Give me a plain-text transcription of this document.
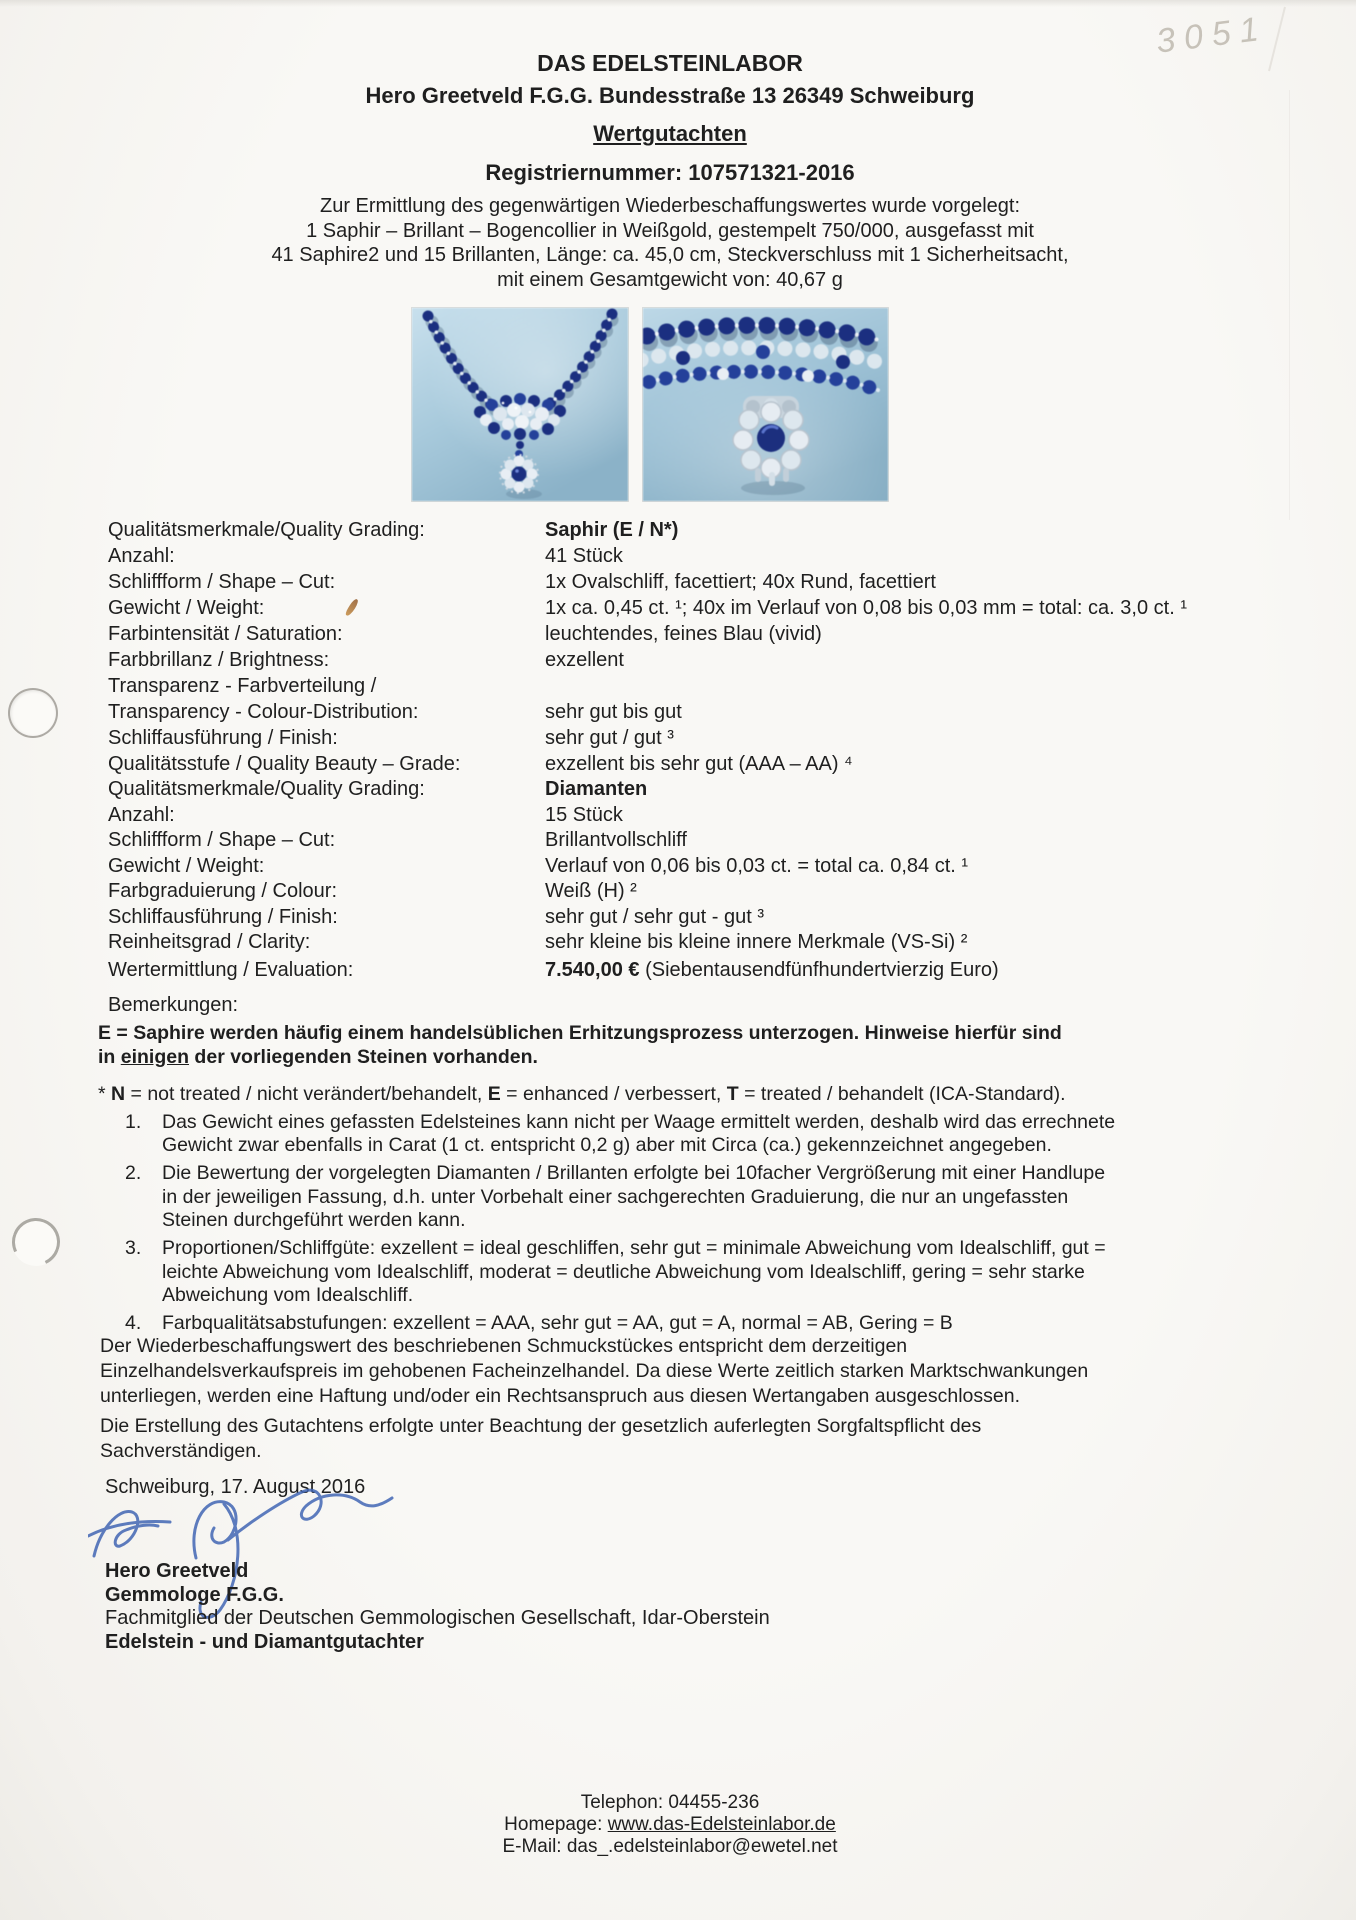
3051
DAS EDELSTEINLABOR
Hero Greetveld F.G.G. Bundesstraße 13 26349 Schweiburg
Wertgutachten
Registriernummer: 107571321-2016
Zur Ermittlung des gegenwärtigen Wiederbeschaffungswertes wurde vorgelegt:
1 Saphir – Brillant – Bogencollier in Weißgold, gestempelt 750/000, ausgefasst mit
41 Saphire2 und 15 Brillanten, Länge: ca. 45,0 cm, Steckverschluss mit 1 Sicherheitsacht,
mit einem Gesamtgewicht von: 40,67 g
Qualitätsmerkmale/Quality Grading:	Saphir (E / N*)
Anzahl:	41 Stück
Schliffform / Shape – Cut:	1x Ovalschliff, facettiert; 40x Rund, facettiert
Gewicht / Weight:	1x ca. 0,45 ct. ¹; 40x im Verlauf von 0,08 bis 0,03 mm = total: ca. 3,0 ct. ¹
Farbintensität / Saturation:	leuchtendes, feines Blau (vivid)
Farbbrillanz / Brightness:	exzellent
Transparenz - Farbverteilung /
Transparency - Colour-Distribution:	sehr gut bis gut
Schliffausführung / Finish:	sehr gut / gut ³
Qualitätsstufe / Quality Beauty – Grade:	exzellent bis sehr gut (AAA – AA) ⁴
Qualitätsmerkmale/Quality Grading:	Diamanten
Anzahl:	15 Stück
Schliffform / Shape – Cut:	Brillantvollschliff
Gewicht / Weight:	Verlauf von 0,06 bis 0,03 ct. = total ca. 0,84 ct. ¹
Farbgraduierung / Colour:	Weiß (H) ²
Schliffausführung / Finish:	sehr gut / sehr gut - gut ³
Reinheitsgrad / Clarity:	sehr kleine bis kleine innere Merkmale (VS-Si) ²
Wertermittlung / Evaluation:	7.540,00 € (Siebentausendfünfhundertvierzig Euro)
Bemerkungen:
E = Saphire werden häufig einem handelsüblichen Erhitzungsprozess unterzogen. Hinweise hierfür sind
in einigen der vorliegenden Steinen vorhanden.
* N = not treated / nicht verändert/behandelt, E = enhanced / verbessert, T = treated / behandelt (ICA-Standard).
1.	Das Gewicht eines gefassten Edelsteines kann nicht per Waage ermittelt werden, deshalb wird das errechnete
Gewicht zwar ebenfalls in Carat (1 ct. entspricht 0,2 g) aber mit Circa (ca.) gekennzeichnet angegeben.
2.	Die Bewertung der vorgelegten Diamanten / Brillanten erfolgte bei 10facher Vergrößerung mit einer Handlupe
in der jeweiligen Fassung, d.h. unter Vorbehalt einer sachgerechten Graduierung, die nur an ungefassten
Steinen durchgeführt werden kann.
3.	Proportionen/Schliffgüte: exzellent = ideal geschliffen, sehr gut = minimale Abweichung vom Idealschliff, gut =
leichte Abweichung vom Idealschliff, moderat = deutliche Abweichung vom Idealschliff, gering = sehr starke
Abweichung vom Idealschliff.
4.	Farbqualitätsabstufungen: exzellent = AAA, sehr gut = AA, gut = A, normal = AB, Gering = B
Der Wiederbeschaffungswert des beschriebenen Schmuckstückes entspricht dem derzeitigen
Einzelhandelsverkaufspreis im gehobenen Facheinzelhandel. Da diese Werte zeitlich starken Marktschwankungen
unterliegen, werden eine Haftung und/oder ein Rechtsanspruch aus diesen Wertangaben ausgeschlossen.
Die Erstellung des Gutachtens erfolgte unter Beachtung der gesetzlich auferlegten Sorgfaltspflicht des
Sachverständigen.
Schweiburg, 17. August 2016
Hero Greetveld
Gemmologe F.G.G.
Fachmitglied der Deutschen Gemmologischen Gesellschaft, Idar-Oberstein
Edelstein - und Diamantgutachter
Telephon: 04455-236
Homepage: www.das-Edelsteinlabor.de
E-Mail: das_.edelsteinlabor@ewetel.net
